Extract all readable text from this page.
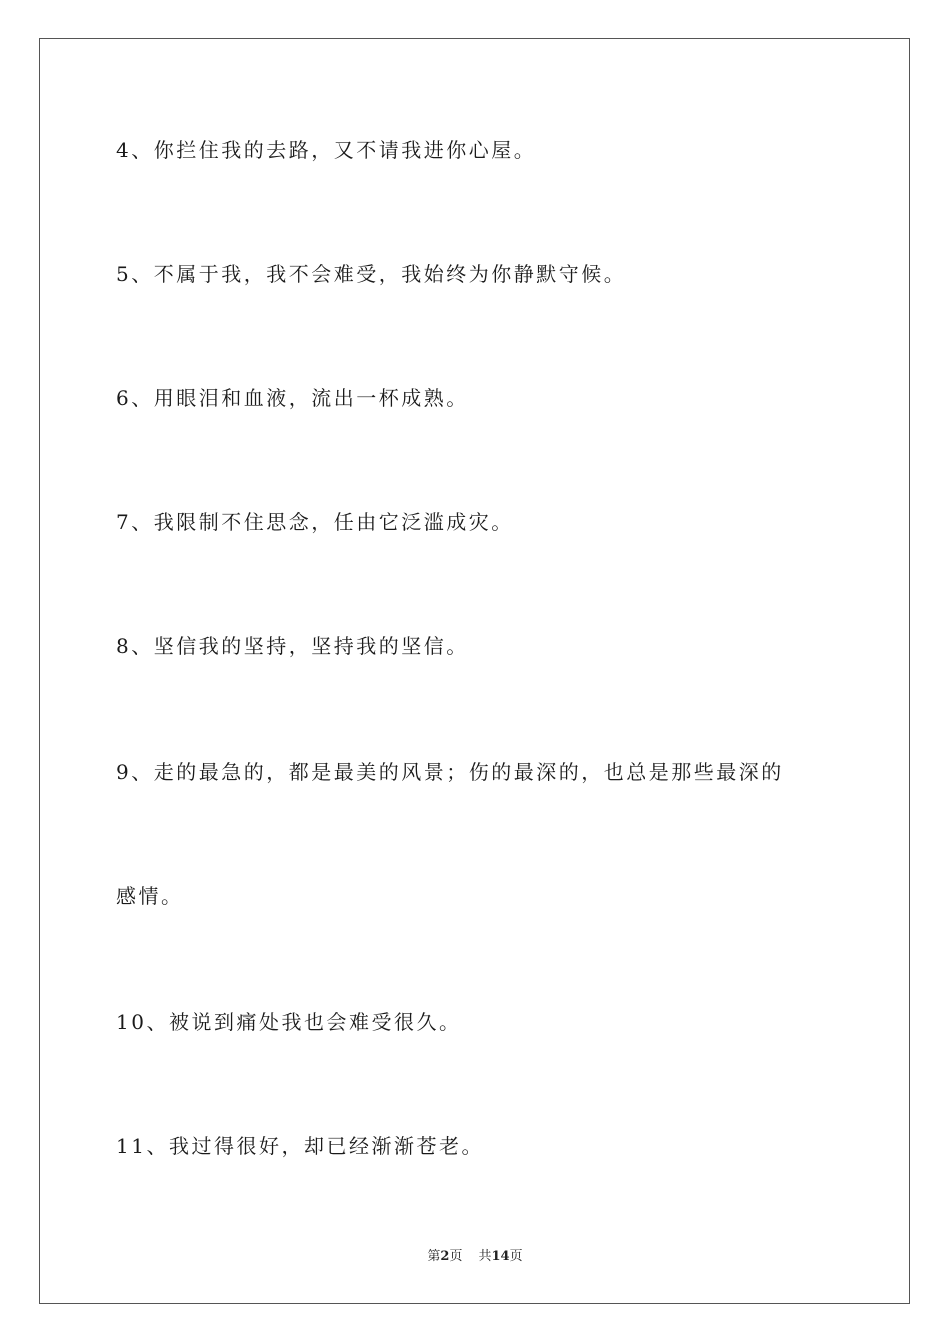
4、你拦住我的去路，又不请我进你心屋。
5、不属于我，我不会难受，我始终为你静默守候。
6、用眼泪和血液，流出一杯成熟。
7、我限制不住思念，任由它泛滥成灾。
8、坚信我的坚持，坚持我的坚信。
9、走的最急的，都是最美的风景；伤的最深的，也总是那些最深的
感情。
10、被说到痛处我也会难受很久。
11、我过得很好，却已经渐渐苍老。
第2页 共14页
